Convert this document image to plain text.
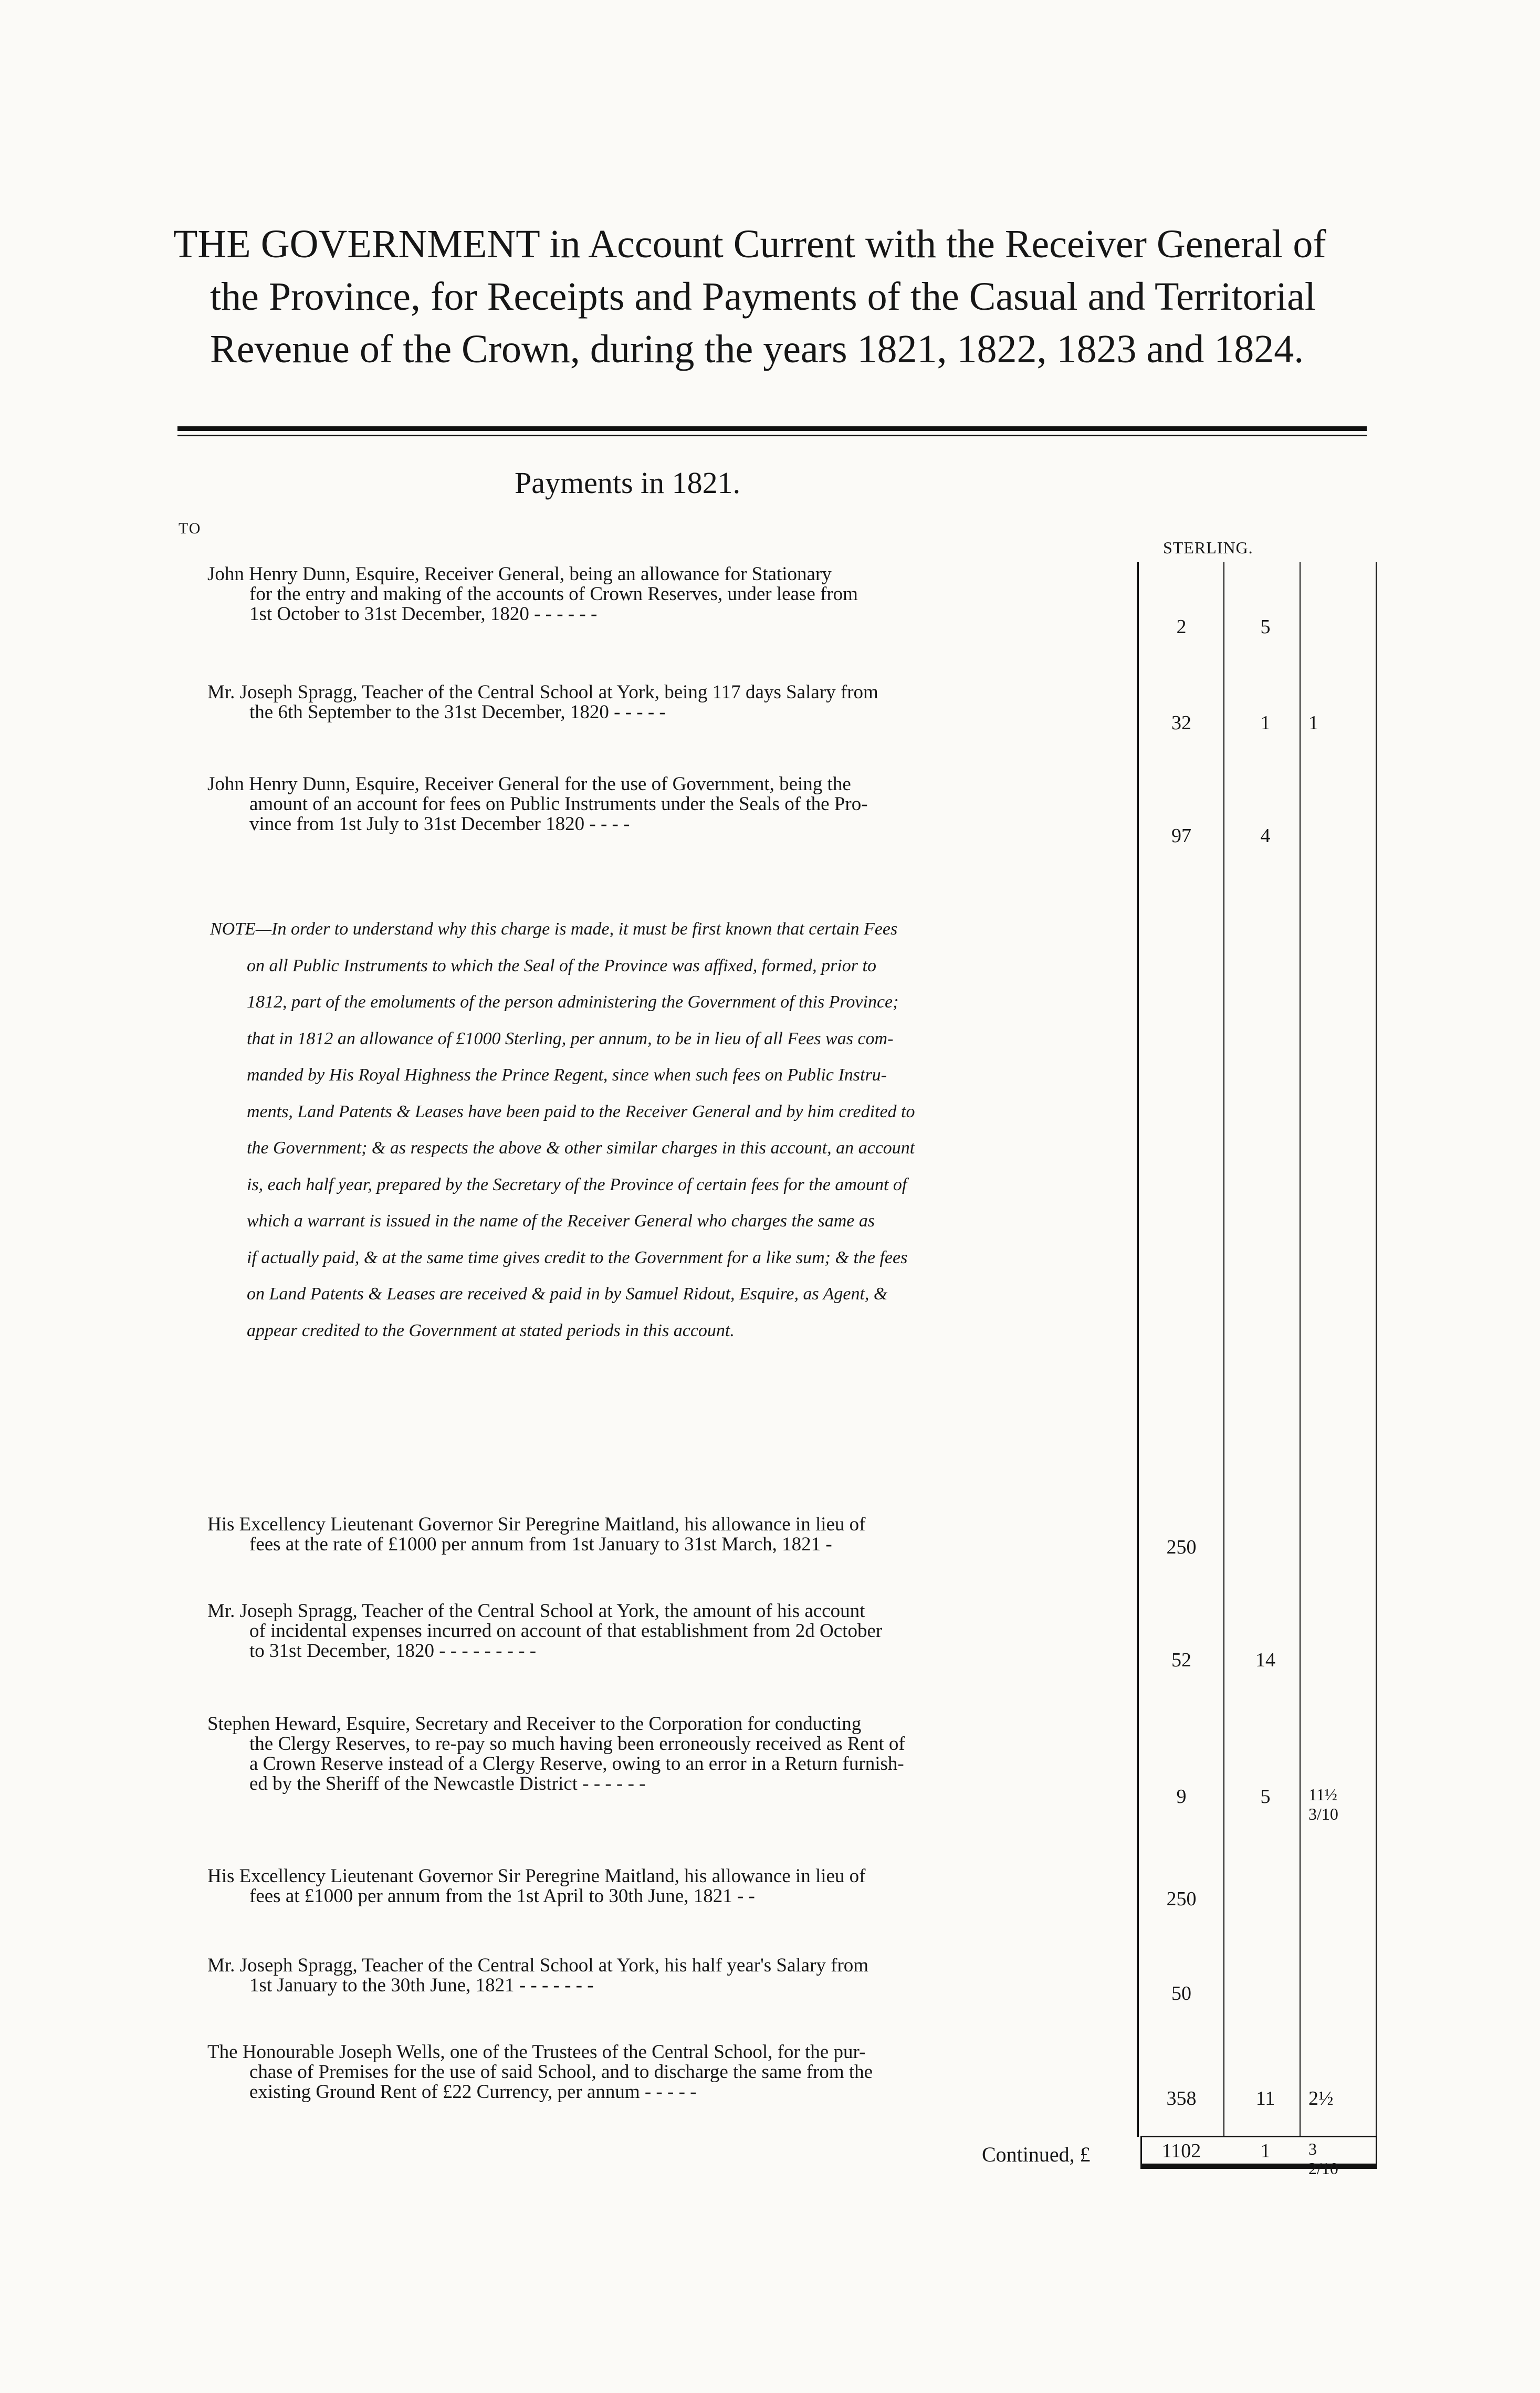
THE GOVERNMENT in Account Current with the Receiver General of
the Province, for Receipts and Payments of the Casual and Territorial
Revenue of the Crown, during the years 1821, 1822, 1823 and 1824.
Payments in 1821.
TO
STERLING.
John Henry Dunn, Esquire, Receiver General, being an allowance for Stationary
for the entry and making of the accounts of Crown Reserves, under lease from
1st October to 31st December, 1820 - - - - - -
2	5
Mr. Joseph Spragg, Teacher of the Central School at York, being 117 days Salary from
the 6th September to the 31st December, 1820 - - - - -	32	1	1
John Henry Dunn, Esquire, Receiver General for the use of Government, being the
amount of an account for fees on Public Instruments under the Seals of the Pro-
vince from 1st July to 31st December 1820 - - - -
97	4
NOTE—In order to understand why this charge is made, it must be first known that certain Fees
on all Public Instruments to which the Seal of the Province was affixed, formed, prior to
1812, part of the emoluments of the person administering the Government of this Province;
that in 1812 an allowance of £1000 Sterling, per annum, to be in lieu of all Fees was com-
manded by His Royal Highness the Prince Regent, since when such fees on Public Instru-
ments, Land Patents & Leases have been paid to the Receiver General and by him credited to
the Government; & as respects the above & other similar charges in this account, an account
is, each half year, prepared by the Secretary of the Province of certain fees for the amount of
which a warrant is issued in the name of the Receiver General who charges the same as
if actually paid, & at the same time gives credit to the Government for a like sum; & the fees
on Land Patents & Leases are received & paid in by Samuel Ridout, Esquire, as Agent, &
appear credited to the Government at stated periods in this account.
His Excellency Lieutenant Governor Sir Peregrine Maitland, his allowance in lieu of
fees at the rate of £1000 per annum from 1st January to 31st March, 1821 -	250
Mr. Joseph Spragg, Teacher of the Central School at York, the amount of his account
of incidental expenses incurred on account of that establishment from 2d October
to 31st December, 1820 - - - - - - - - -	52	14
Stephen Heward, Esquire, Secretary and Receiver to the Corporation for conducting
the Clergy Reserves, to re-pay so much having been erroneously received as Rent of
a Crown Reserve instead of a Clergy Reserve, owing to an error in a Return furnish-
ed by the Sheriff of the Newcastle District - - - - - -
9	5	11½ 3/10
His Excellency Lieutenant Governor Sir Peregrine Maitland, his allowance in lieu of
fees at £1000 per annum from the 1st April to 30th June, 1821 - -	250
Mr. Joseph Spragg, Teacher of the Central School at York, his half year's Salary from
1st January to the 30th June, 1821 - - - - - - -	50
The Honourable Joseph Wells, one of the Trustees of the Central School, for the pur-
chase of Premises for the use of said School, and to discharge the same from the
existing Ground Rent of £22 Currency, per annum - - - - -	358	11	2½
Continued, £	1102	1	3 2/10
